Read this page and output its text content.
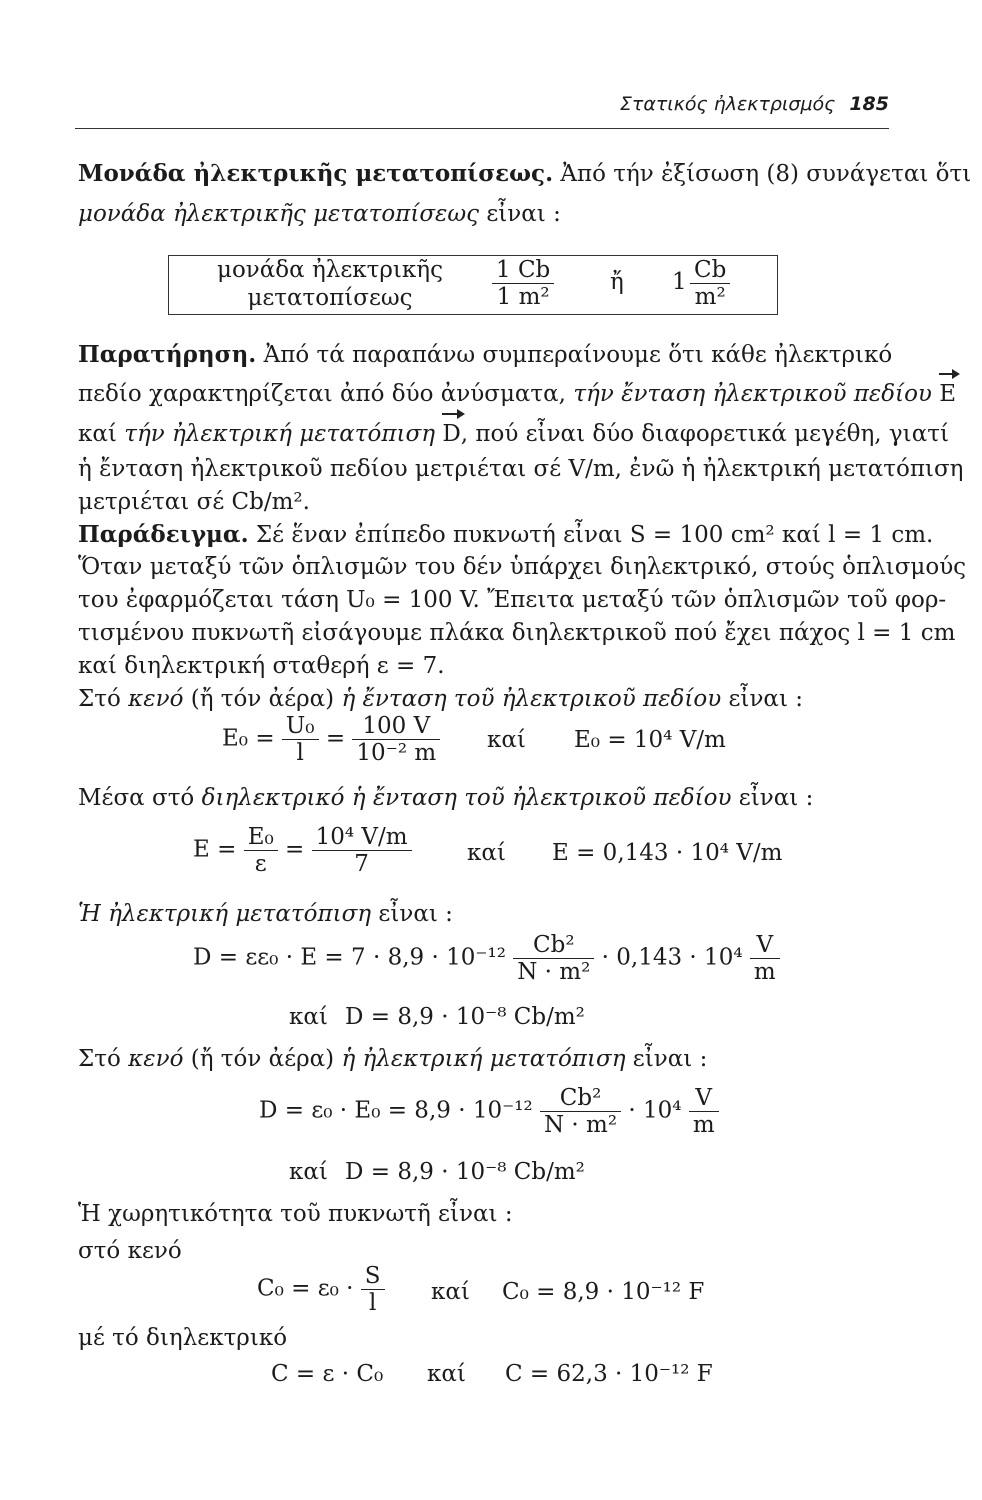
Στατικός ἠλεκτρισμός 185
Μονάδα ἠλεκτρικῆς μετατοπίσεως. Ἀπό τήν ἐξίσωση (8) συνάγεται ὅτι
μονάδα ἠλεκτρικῆς μετατοπίσεως εἶναι :
μονάδα ἠλεκτρικῆς
μετατοπίσεως	$\frac{1 Cb}{\text{1 m²}}$ ἤ $1 \frac{Cb}{\text{m²}}$
Παρατήρηση. Ἀπό τά παραπάνω συμπεραίνουμε ὅτι κάθε ἠλεκτρικό
πεδίο χαρακτηρίζεται ἀπό δύο ἀνύσματα, τήν ἔνταση ἠλεκτρικοῦ πεδίου E
καί τήν ἠλεκτρική μετατόπιση D, πού εἶναι δύο διαφορετικά μεγέθη, γιατί
ἡ ἔνταση ἠλεκτρικοῦ πεδίου μετριέται σέ V/m, ἐνῶ ἡ ἠλεκτρική μετατόπιση
μετριέται σέ Cb/m².
Παράδειγμα. Σέ ἕναν ἐπίπεδο πυκνωτή εἶναι S = 100 cm² καί l = 1 cm.
Ὅταν μεταξύ τῶν ὁπλισμῶν του δέν ὑπάρχει διηλεκτρικό, στούς ὁπλισμούς
του ἐφαρμόζεται τάση U₀ = 100 V. Ἔπειτα μεταξύ τῶν ὁπλισμῶν τοῦ φορ-
τισμένου πυκνωτῆ εἰσάγουμε πλάκα διηλεκτρικοῦ πού ἔχει πάχος l = 1 cm
καί διηλεκτρική σταθερή ε = 7.
Στό κενό (ἤ τόν ἀέρα) ἡ ἔνταση τοῦ ἠλεκτρικοῦ πεδίου εἶναι :
$E_0 = \frac{\text{U₀}}{l} = \frac{100 V}{\text{10⁻² m}}$ καί E₀ = 10⁴ V/m
Μέσα στό διηλεκτρικό ἡ ἔνταση τοῦ ἠλεκτρικοῦ πεδίου εἶναι :
$E = \frac{\text{E₀}}{\varepsilon} = \frac{\text{10⁴ V/m}}{7}$ καί E = 0,143 · 10⁴ V/m
Ἡ ἠλεκτρική μετατόπιση εἶναι :
$D = \varepsilon\varepsilon_0 \cdot E = 7 \cdot 8,9 \cdot 10^{-12} \frac{\text{Cb²}}{\text{N · m²}} \cdot 0,143 \cdot 10^4 \frac{V}{m}$
καί D = 8,9 · 10⁻⁸ Cb/m²
Στό κενό (ἤ τόν ἀέρα) ἡ ἠλεκτρική μετατόπιση εἶναι :
$D = \varepsilon_0 \cdot E_0 = 8,9 \cdot 10^{-12} \frac{\text{Cb²}}{\text{N · m²}} \cdot 10^4 \frac{V}{m}$
καί D = 8,9 · 10⁻⁸ Cb/m²
Ἡ χωρητικότητα τοῦ πυκνωτῆ εἶναι :
στό κενό
$C_0 = \varepsilon_0 \cdot \frac{S}{l}$ καί C₀ = 8,9 · 10⁻¹² F
μέ τό διηλεκτρικό
C = ε · C₀ καί C = 62,3 · 10⁻¹² F
